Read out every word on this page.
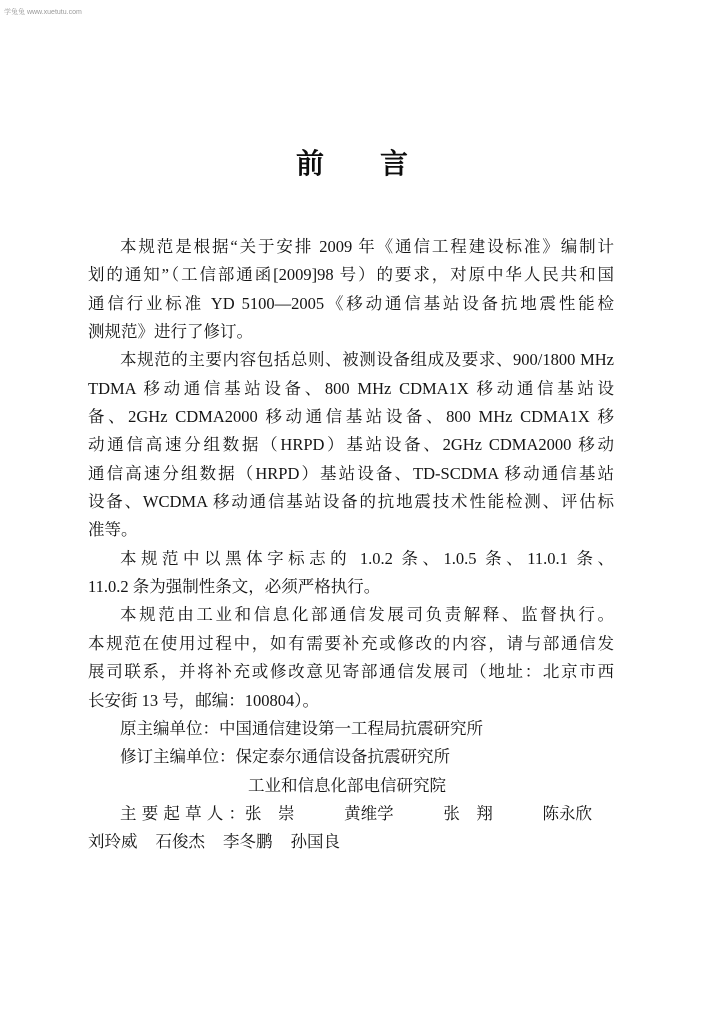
学兔兔 www.xuetutu.com
前 言
本规范是根据“关于安排 2009 年《通信工程建设标准》编制计
划的通知”（工信部通函[2009]98 号）的要求，对原中华人民共和国
通信行业标准 YD 5100—2005《移动通信基站设备抗地震性能检
测规范》进行了修订。
本规范的主要内容包括总则、被测设备组成及要求、900/1800 MHz
TDMA 移动通信基站设备、800 MHz CDMA1X 移动通信基站设
备、2GHz CDMA2000 移动通信基站设备、800 MHz CDMA1X 移
动通信高速分组数据（HRPD）基站设备、2GHz CDMA2000 移动
通信高速分组数据（HRPD）基站设备、TD-SCDMA 移动通信基站
设备、WCDMA 移动通信基站设备的抗地震技术性能检测、评估标
准等。
本规范中以黑体字标志的 1.0.2 条、1.0.5 条、11.0.1 条、
11.0.2 条为强制性条文，必须严格执行。
本规范由工业和信息化部通信发展司负责解释、监督执行。
本规范在使用过程中，如有需要补充或修改的内容，请与部通信发
展司联系，并将补充或修改意见寄部通信发展司（地址：北京市西
长安街 13 号，邮编：100804）。
原主编单位：中国通信建设第一工程局抗震研究所
修订主编单位：保定泰尔通信设备抗震研究所
工业和信息化部电信研究院
主要起草人： 张　崇	黄维学	张　翔	陈永欣
刘玲威 石俊杰 李冬鹏 孙国良
